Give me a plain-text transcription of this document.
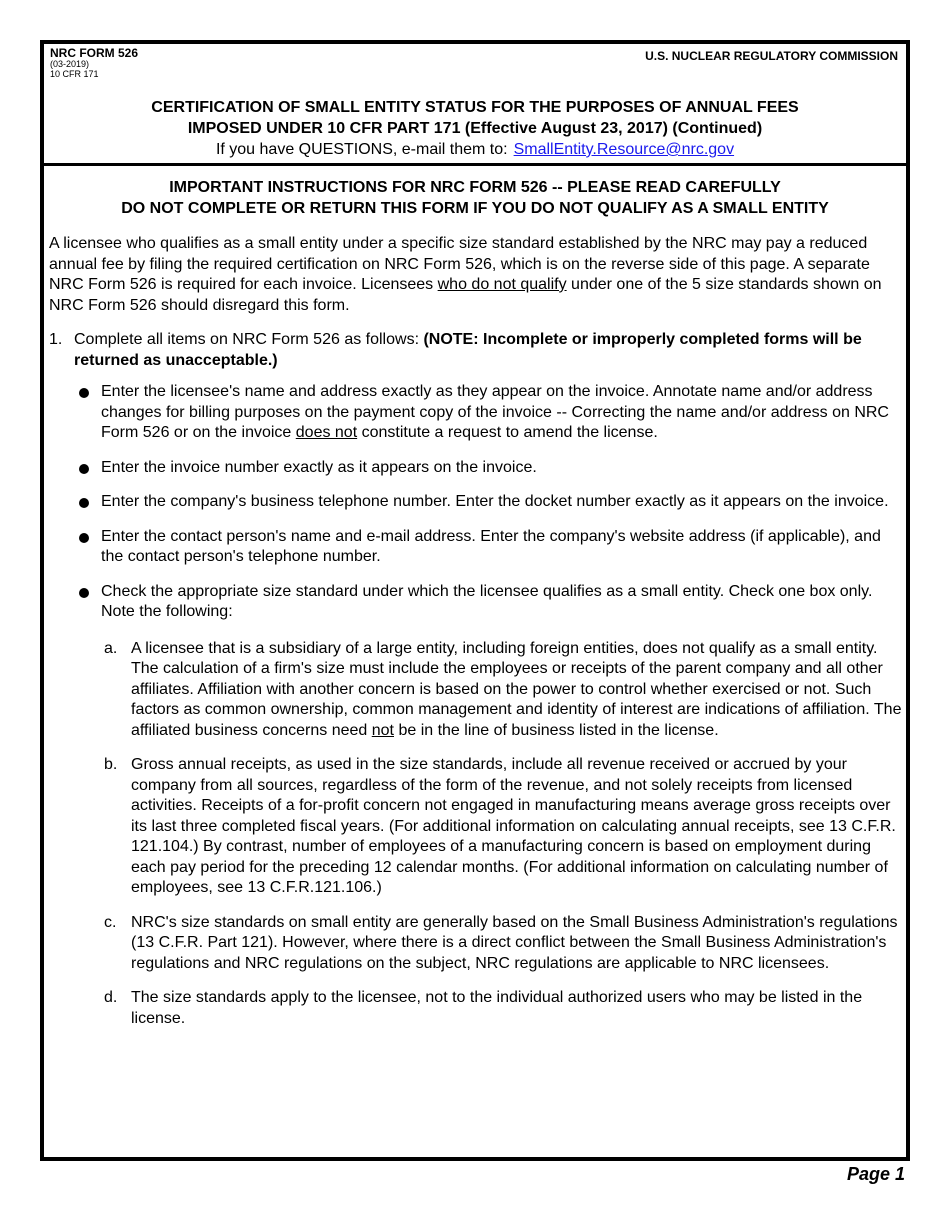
NRC FORM 526
(03-2019)
10 CFR 171
U.S. NUCLEAR REGULATORY COMMISSION
CERTIFICATION OF SMALL ENTITY STATUS FOR THE PURPOSES OF ANNUAL FEES
IMPOSED UNDER 10 CFR PART 171 (Effective August 23, 2017) (Continued)
If you have QUESTIONS, e-mail them to: SmallEntity.Resource@nrc.gov
IMPORTANT INSTRUCTIONS FOR NRC FORM 526 -- PLEASE READ CAREFULLY
DO NOT COMPLETE OR RETURN THIS FORM IF YOU DO NOT QUALIFY AS A SMALL ENTITY

A licensee who qualifies as a small entity under a specific size standard established by the NRC may pay a reduced annual fee by filing the required certification on NRC Form 526, which is on the reverse side of this page. A separate NRC Form 526 is required for each invoice. Licensees who do not qualify under one of the 5 size standards shown on NRC Form 526 should disregard this form.

1. Complete all items on NRC Form 526 as follows: (NOTE: Incomplete or improperly completed forms will be returned as unacceptable.)

Enter the licensee's name and address exactly as they appear on the invoice. Annotate name and/or address changes for billing purposes on the payment copy of the invoice -- Correcting the name and/or address on NRC Form 526 or on the invoice does not constitute a request to amend the license.

Enter the invoice number exactly as it appears on the invoice.

Enter the company's business telephone number. Enter the docket number exactly as it appears on the invoice.

Enter the contact person's name and e-mail address. Enter the company's website address (if applicable), and the contact person's telephone number.

Check the appropriate size standard under which the licensee qualifies as a small entity. Check one box only. Note the following:

a. A licensee that is a subsidiary of a large entity, including foreign entities, does not qualify as a small entity. The calculation of a firm's size must include the employees or receipts of the parent company and all other affiliates. Affiliation with another concern is based on the power to control whether exercised or not. Such factors as common ownership, common management and identity of interest are indications of affiliation. The affiliated business concerns need not be in the line of business listed in the license.

b. Gross annual receipts, as used in the size standards, include all revenue received or accrued by your company from all sources, regardless of the form of the revenue, and not solely receipts from licensed activities. Receipts of a for-profit concern not engaged in manufacturing means average gross receipts over its last three completed fiscal years. (For additional information on calculating annual receipts, see 13 C.F.R. 121.104.) By contrast, number of employees of a manufacturing concern is based on employment during each pay period for the preceding 12 calendar months. (For additional information on calculating number of employees, see 13 C.F.R.121.106.)

c. NRC's size standards on small entity are generally based on the Small Business Administration's regulations (13 C.F.R. Part 121). However, where there is a direct conflict between the Small Business Administration's regulations and NRC regulations on the subject, NRC regulations are applicable to NRC licensees.

d. The size standards apply to the licensee, not to the individual authorized users who may be listed in the license.

Page 1
